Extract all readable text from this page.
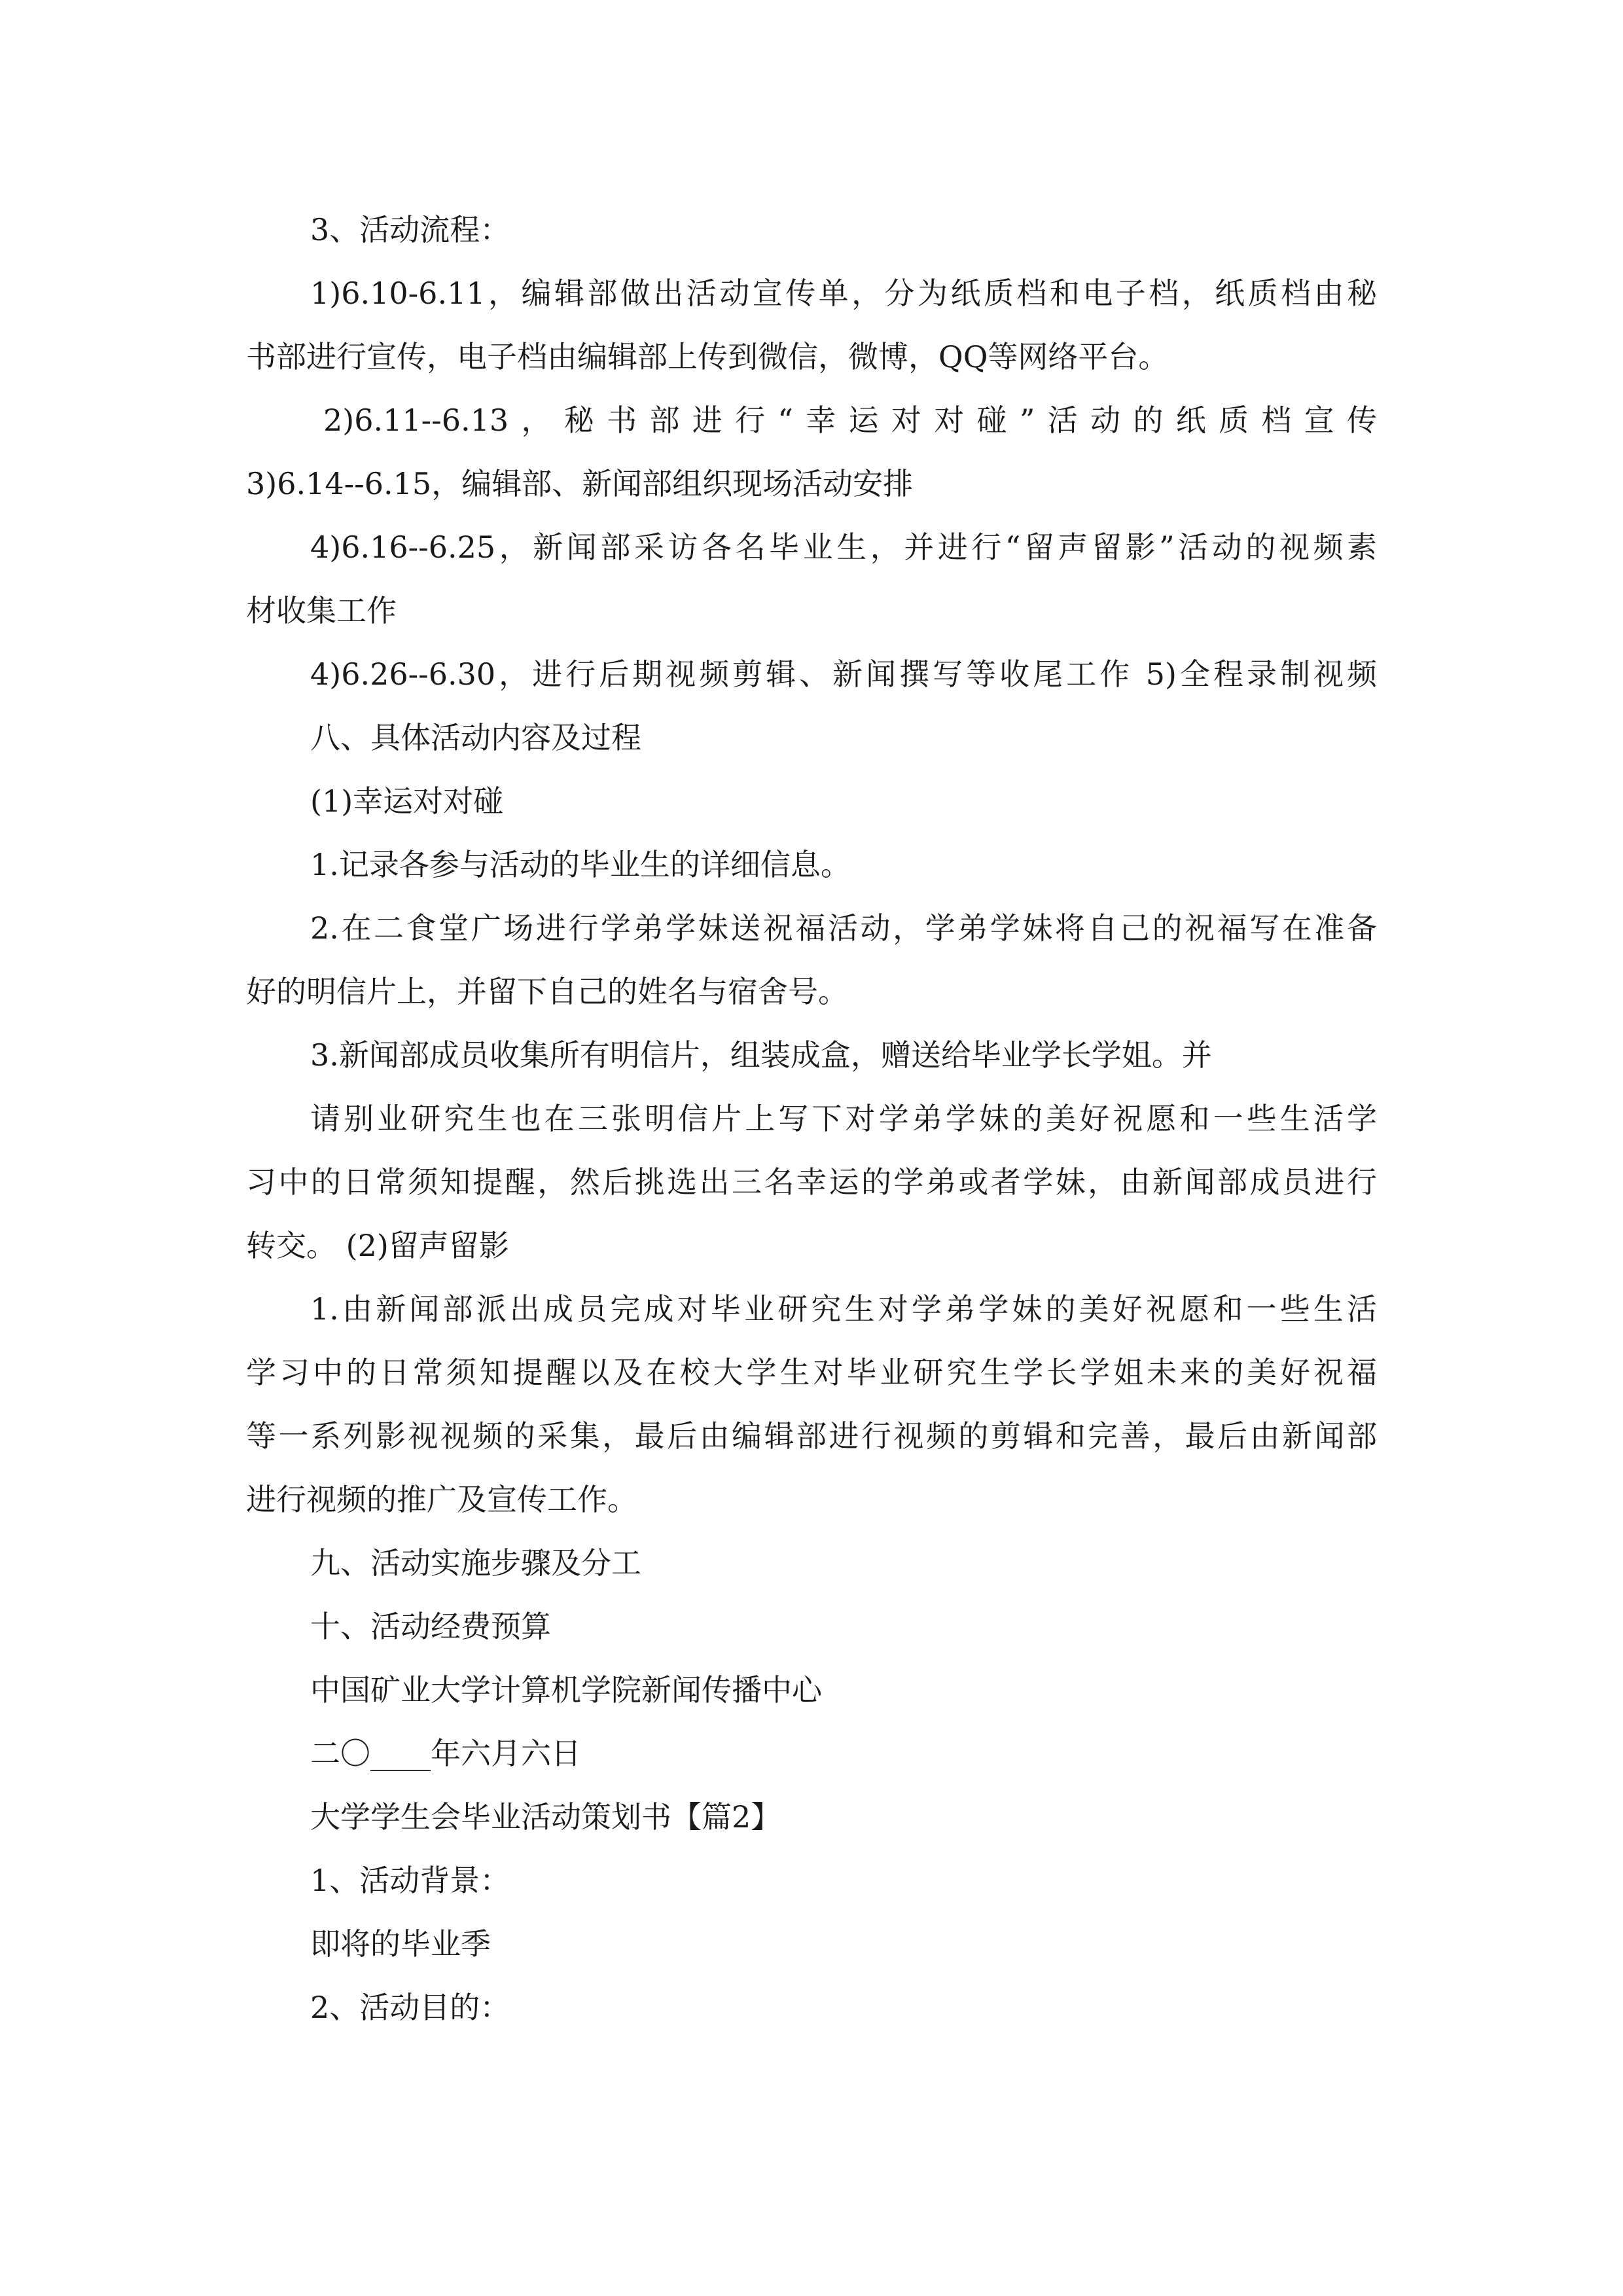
3、活动流程：
1)6.10-6.11，编辑部做出活动宣传单，分为纸质档和电子档，纸质档由秘
书部进行宣传，电子档由编辑部上传到微信，微博，QQ等网络平台。
2)6.11--6.13，秘书部进行“幸运对对碰”活动的纸质档宣传
3)6.14--6.15，编辑部、新闻部组织现场活动安排
4)6.16--6.25，新闻部采访各名毕业生，并进行“留声留影”活动的视频素
材收集工作
4)6.26--6.30，进行后期视频剪辑、新闻撰写等收尾工作 5)全程录制视频
八、具体活动内容及过程
(1)幸运对对碰
1.记录各参与活动的毕业生的详细信息。
2.在二食堂广场进行学弟学妹送祝福活动，学弟学妹将自己的祝福写在准备
好的明信片上，并留下自己的姓名与宿舍号。
3.新闻部成员收集所有明信片，组装成盒，赠送给毕业学长学姐。并
请别业研究生也在三张明信片上写下对学弟学妹的美好祝愿和一些生活学
习中的日常须知提醒，然后挑选出三名幸运的学弟或者学妹，由新闻部成员进行
转交。 (2)留声留影
1.由新闻部派出成员完成对毕业研究生对学弟学妹的美好祝愿和一些生活
学习中的日常须知提醒以及在校大学生对毕业研究生学长学姐未来的美好祝福
等一系列影视视频的采集，最后由编辑部进行视频的剪辑和完善，最后由新闻部
进行视频的推广及宣传工作。
九、活动实施步骤及分工
十、活动经费预算
中国矿业大学计算机学院新闻传播中心
二〇____年六月六日
大学学生会毕业活动策划书【篇2】
1、活动背景：
即将的毕业季
2、活动目的：
